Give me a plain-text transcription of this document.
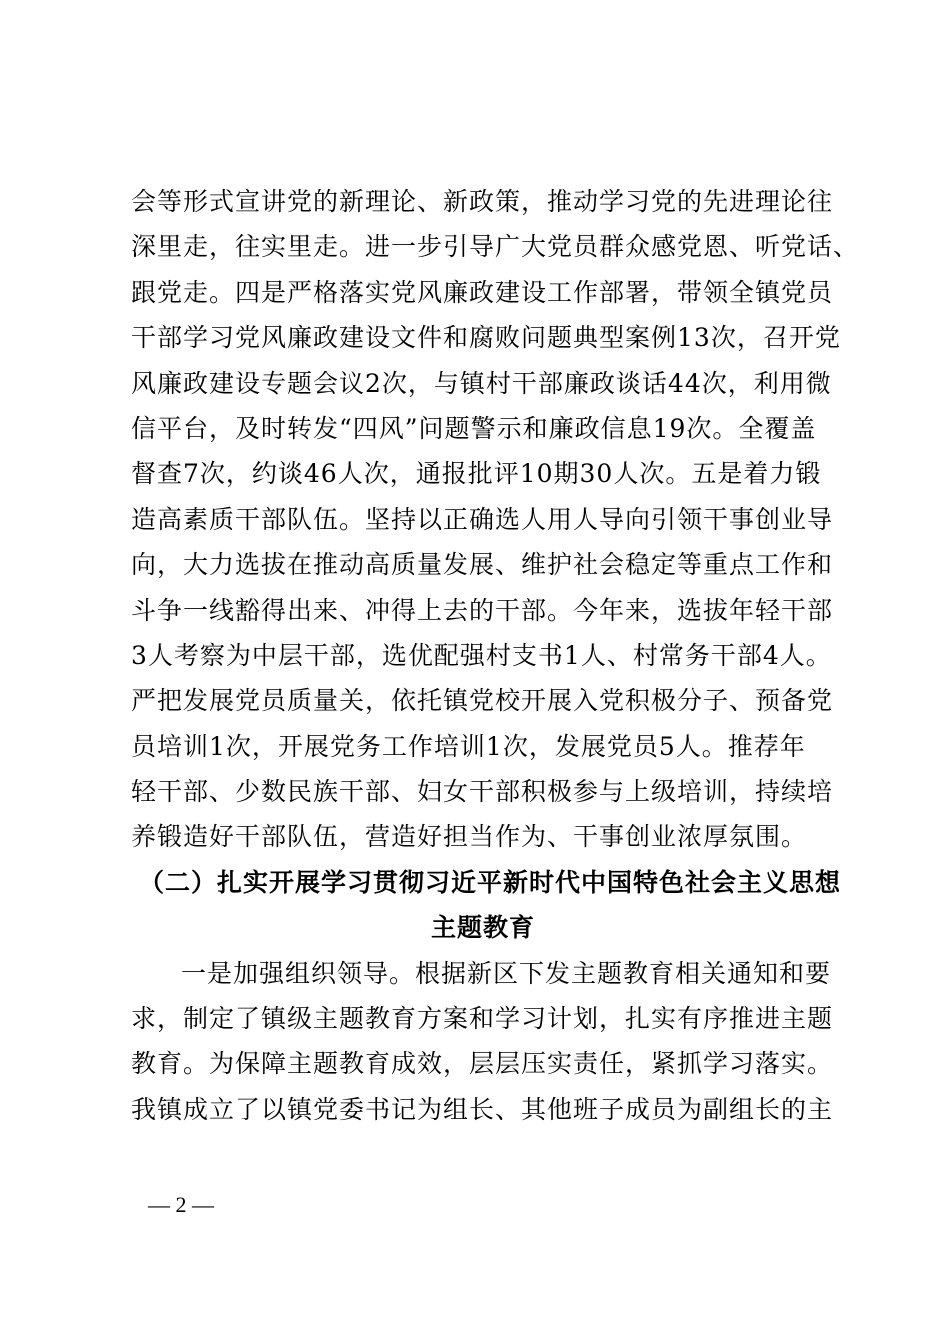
会等形式宣讲党的新理论、新政策，推动学习党的先进理论往
深里走，往实里走。进一步引导广大党员群众感党恩、听党话、
跟党走。四是严格落实党风廉政建设工作部署，带领全镇党员
干部学习党风廉政建设文件和腐败问题典型案例13次，召开党
风廉政建设专题会议2次，与镇村干部廉政谈话44次，利用微
信平台，及时转发“四风”问题警示和廉政信息19次。全覆盖
督查7次，约谈46人次，通报批评10期30人次。五是着力锻
造高素质干部队伍。坚持以正确选人用人导向引领干事创业导
向，大力选拔在推动高质量发展、维护社会稳定等重点工作和
斗争一线豁得出来、冲得上去的干部。今年来，选拔年轻干部
3人考察为中层干部，选优配强村支书1人、村常务干部4人。
严把发展党员质量关，依托镇党校开展入党积极分子、预备党
员培训1次，开展党务工作培训1次，发展党员5人。推荐年
轻干部、少数民族干部、妇女干部积极参与上级培训，持续培
养锻造好干部队伍，营造好担当作为、干事创业浓厚氛围。
（二）扎实开展学习贯彻习近平新时代中国特色社会主义思想
主题教育
一是加强组织领导。根据新区下发主题教育相关通知和要
求，制定了镇级主题教育方案和学习计划，扎实有序推进主题
教育。为保障主题教育成效，层层压实责任，紧抓学习落实。
我镇成立了以镇党委书记为组长、其他班子成员为副组长的主
— 2 —
